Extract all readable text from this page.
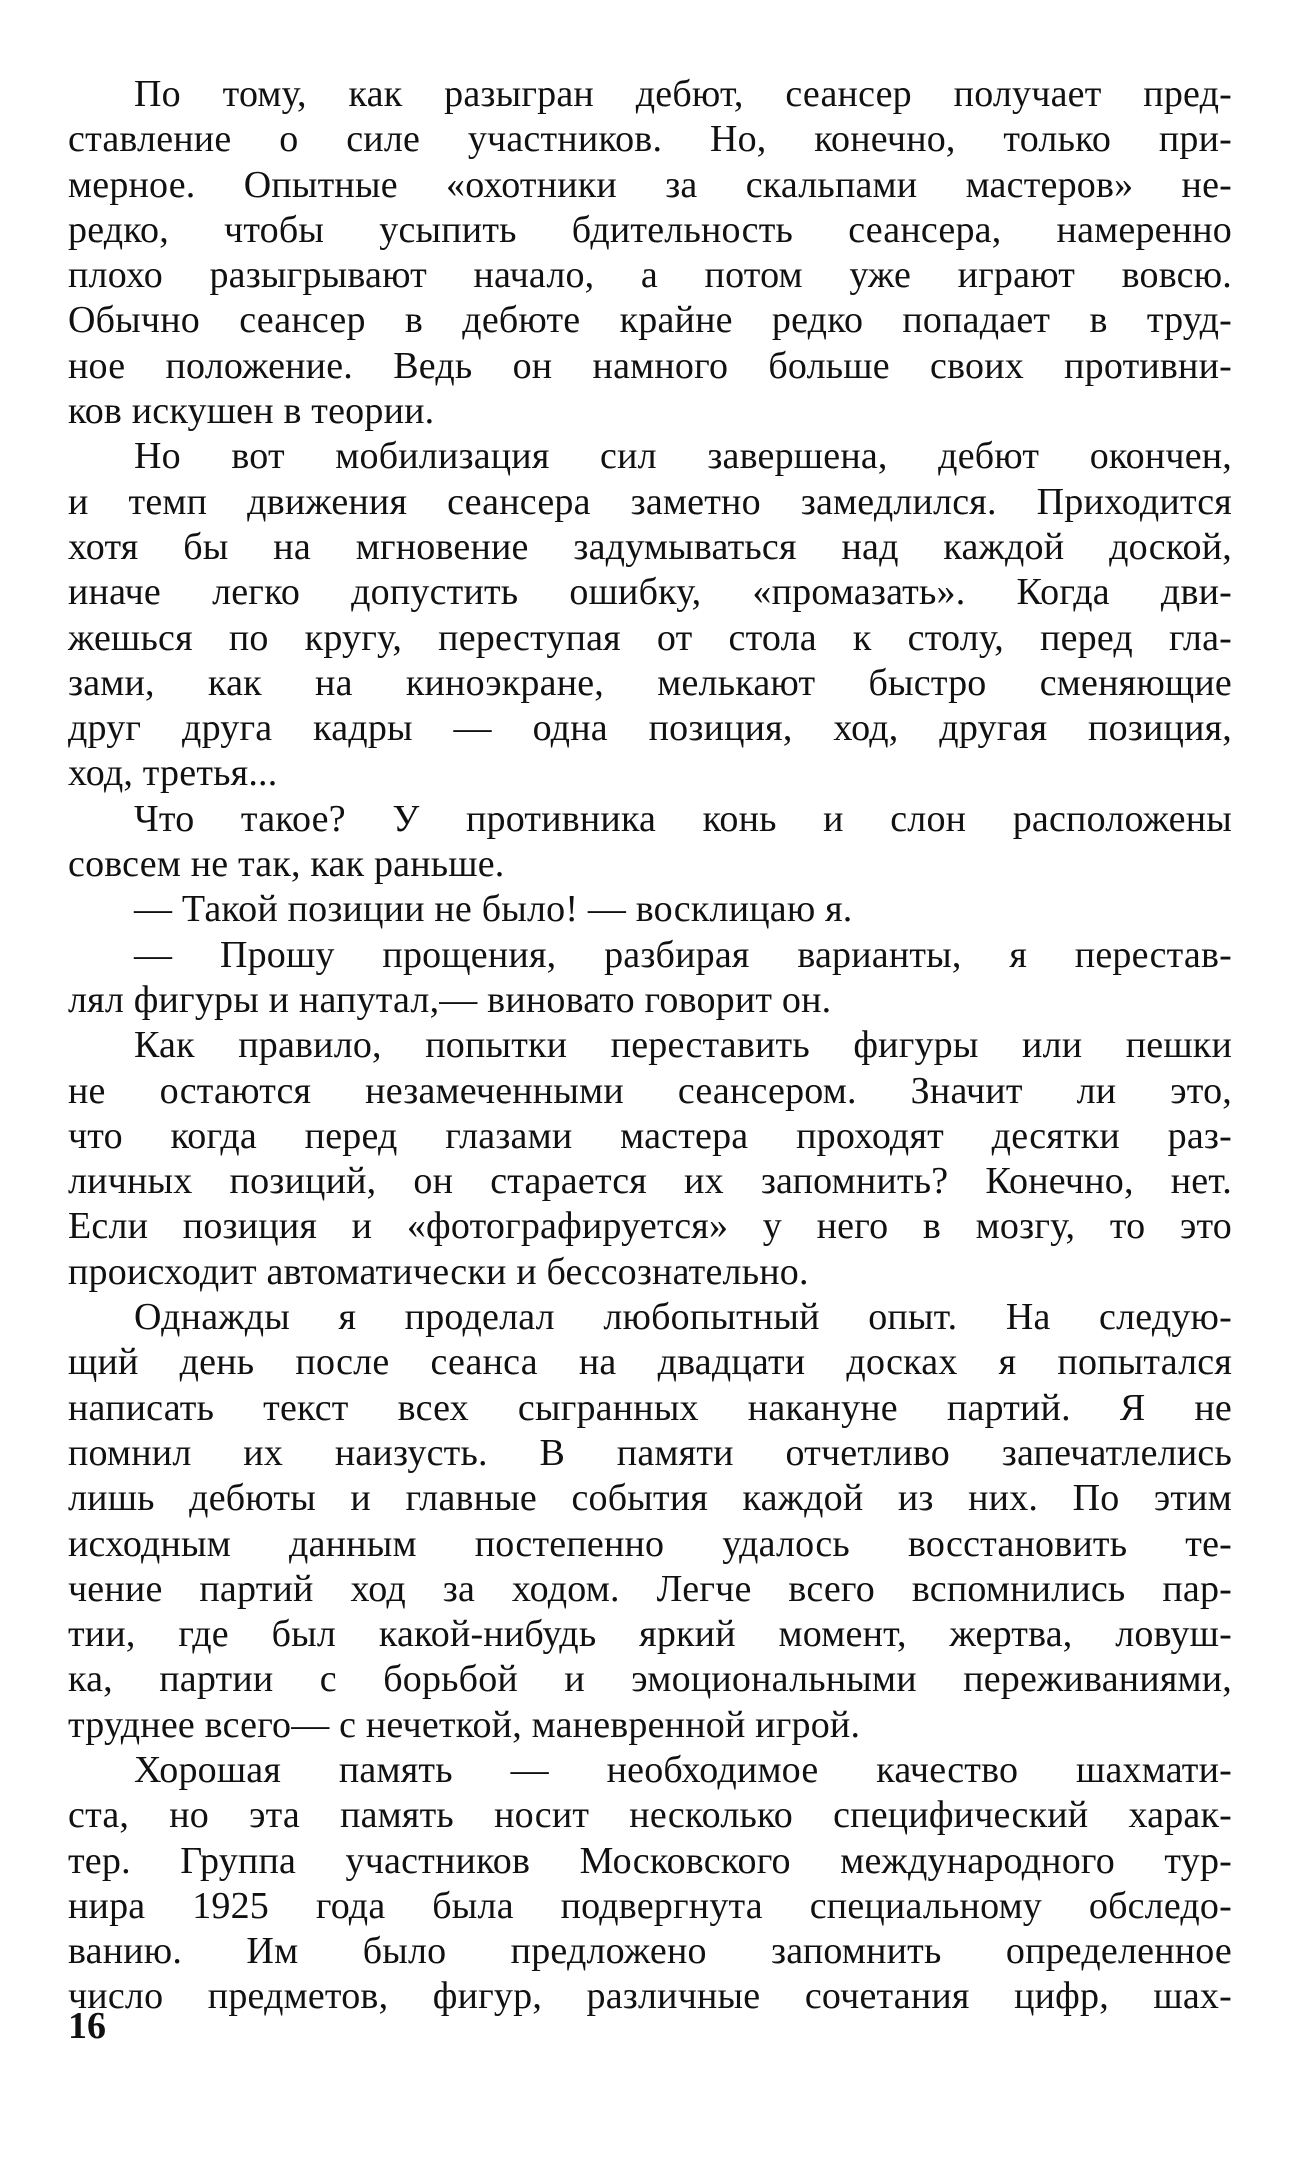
По тому, как разыгран дебют, сеансер получает пред-
ставление о силе участников. Но, конечно, только при-
мерное. Опытные «охотники за скальпами мастеров» не-
редко, чтобы усыпить бдительность сеансера, намеренно
плохо разыгрывают начало, а потом уже играют вовсю.
Обычно сеансер в дебюте крайне редко попадает в труд-
ное положение. Ведь он намного больше своих противни-
ков искушен в теории.
Но вот мобилизация сил завершена, дебют окончен,
и темп движения сеансера заметно замедлился. Приходится
хотя бы на мгновение задумываться над каждой доской,
иначе легко допустить ошибку, «промазать». Когда дви-
жешься по кругу, переступая от стола к столу, перед гла-
зами, как на киноэкране, мелькают быстро сменяющие
друг друга кадры — одна позиция, ход, другая позиция,
ход, третья...
Что такое? У противника конь и слон расположены
совсем не так, как раньше.
— Такой позиции не было! — восклицаю я.
— Прошу прощения, разбирая варианты, я перестав-
лял фигуры и напутал,— виновато говорит он.
Как правило, попытки переставить фигуры или пешки
не остаются незамеченными сеансером. Значит ли это,
что когда перед глазами мастера проходят десятки раз-
личных позиций, он старается их запомнить? Конечно, нет.
Если позиция и «фотографируется» у него в мозгу, то это
происходит автоматически и бессознательно.
Однажды я проделал любопытный опыт. На следую-
щий день после сеанса на двадцати досках я попытался
написать текст всех сыгранных накануне партий. Я не
помнил их наизусть. В памяти отчетливо запечатлелись
лишь дебюты и главные события каждой из них. По этим
исходным данным постепенно удалось восстановить те-
чение партий ход за ходом. Легче всего вспомнились пар-
тии, где был какой-нибудь яркий момент, жертва, ловуш-
ка, партии с борьбой и эмоциональными переживаниями,
труднее всего— с нечеткой, маневренной игрой.
Хорошая память — необходимое качество шахмати-
ста, но эта память носит несколько специфический харак-
тер. Группа участников Московского международного тур-
нира 1925 года была подвергнута специальному обследо-
ванию. Им было предложено запомнить определенное
число предметов, фигур, различные сочетания цифр, шах-
16
